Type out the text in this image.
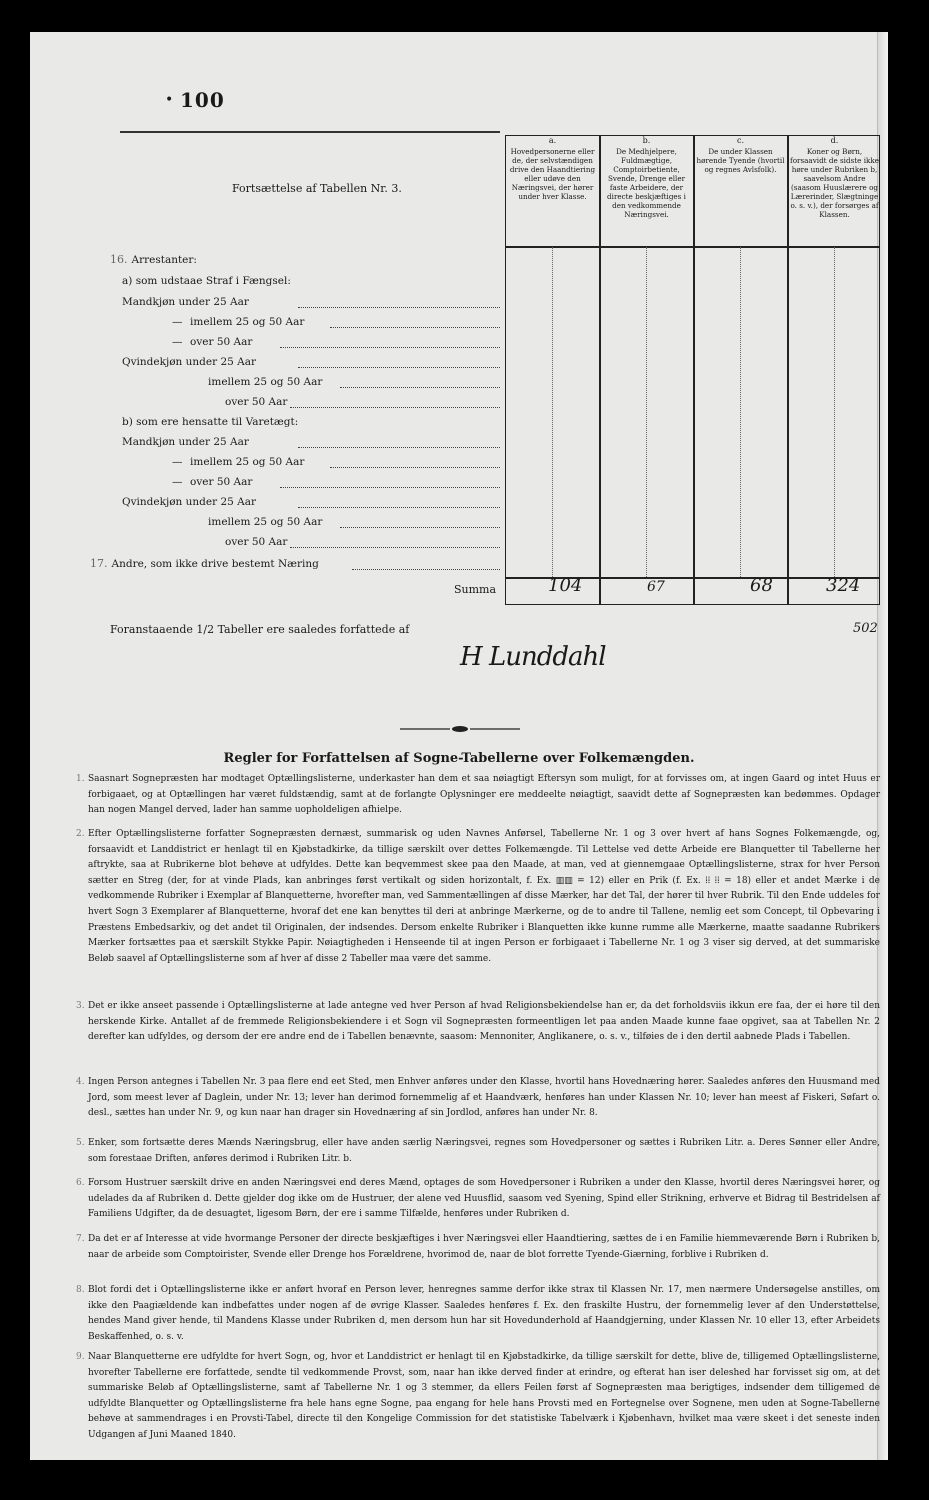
• 100
Fortsættelse af Tabellen Nr. 3.
a.
Hovedpersonerne eller de, der selvstændigen drive den Haandtiering eller udøve den Næringsvei, der hører under hver Klasse.
b.
De Medhjelpere, Fuldmægtige, Comptoirbetiente, Svende, Drenge eller faste Arbeidere, der directe beskjæftiges i den vedkommende Næringsvei.
c.
De under Klassen hørende Tyende (hvortil og regnes Avlsfolk).
d.
Koner og Børn, forsaavidt de sidste ikke høre under Rubriken b, saavelsom Andre (saasom Huuslærere og Lærerinder, Slægtninge o. s. v.), der forsørges af Klassen.
16. Arrestanter:
a) som udstaae Straf i Fængsel:
Mandkjøn under 25 Aar
— imellem 25 og 50 Aar
— over 50 Aar
Qvindekjøn under 25 Aar
imellem 25 og 50 Aar
over 50 Aar
b) som ere hensatte til Varetægt:
Mandkjøn under 25 Aar
— imellem 25 og 50 Aar
— over 50 Aar
Qvindekjøn under 25 Aar
imellem 25 og 50 Aar
over 50 Aar
17. Andre, som ikke drive bestemt Næring
Summa	104	67	68	324
Foranstaaende 1/2 Tabeller ere saaledes forfattede af	502
H Lunddahl
Regler for Forfattelsen af Sogne-Tabellerne over Folkemængden.
1. Saasnart Sognepræsten har modtaget Optællingslisterne, underkaster han dem et saa nøiagtigt Eftersyn som muligt, for at forvisses om, at ingen Gaard og intet Huus er forbigaaet, og at Optællingen har været fuldstændig, samt at de forlangte Oplysninger ere meddeelte nøiagtigt, saavidt dette af Sognepræsten kan bedømmes. Opdager han nogen Mangel derved, lader han samme uopholdeligen afhielpe.
2. Efter Optællingslisterne forfatter Sognepræsten dernæst, summarisk og uden Navnes Anførsel, Tabellerne Nr. 1 og 3 over hvert af hans Sognes Folkemængde, og, forsaavidt et Landdistrict er henlagt til en Kjøbstadkirke, da tillige særskilt over dettes Folkemængde. Til Lettelse ved dette Arbeide ere Blanquetter til Tabellerne her aftrykte, saa at Rubrikerne blot behøve at udfyldes. Dette kan beqvemmest skee paa den Maade, at man, ved at giennemgaae Optællingslisterne, strax for hver Person sætter en Streg (der, for at vinde Plads, kan anbringes først vertikalt og siden horizontalt, f. Ex. ▥▥ = 12) eller en Prik (f. Ex. ⁞⁞ ⁞⁞ = 18) eller et andet Mærke i de vedkommende Rubriker i Exemplar af Blanquetterne, hvorefter man, ved Sammentællingen af disse Mærker, har det Tal, der hører til hver Rubrik. Til den Ende uddeles for hvert Sogn 3 Exemplarer af Blanquetterne, hvoraf det ene kan benyttes til deri at anbringe Mærkerne, og de to andre til Tallene, nemlig eet som Concept, til Opbevaring i Præstens Embedsarkiv, og det andet til Originalen, der indsendes. Dersom enkelte Rubriker i Blanquetten ikke kunne rumme alle Mærkerne, maatte saadanne Rubrikers Mærker fortsættes paa et særskilt Stykke Papir. Nøiagtigheden i Henseende til at ingen Person er forbigaaet i Tabellerne Nr. 1 og 3 viser sig derved, at det summariske Beløb saavel af Optællingslisterne som af hver af disse 2 Tabeller maa være det samme.
3. Det er ikke anseet passende i Optællingslisterne at lade antegne ved hver Person af hvad Religionsbekiendelse han er, da det forholdsviis ikkun ere faa, der ei høre til den herskende Kirke. Antallet af de fremmede Religionsbekiendere i et Sogn vil Sognepræsten formeentligen let paa anden Maade kunne faae opgivet, saa at Tabellen Nr. 2 derefter kan udfyldes, og dersom der ere andre end de i Tabellen benævnte, saasom: Mennoniter, Anglikanere, o. s. v., tilføies de i den dertil aabnede Plads i Tabellen.
4. Ingen Person antegnes i Tabellen Nr. 3 paa flere end eet Sted, men Enhver anføres under den Klasse, hvortil hans Hovednæring hører. Saaledes anføres den Huusmand med Jord, som meest lever af Daglein, under Nr. 13; lever han derimod fornemmelig af et Haandværk, henføres han under Klassen Nr. 10; lever han meest af Fiskeri, Søfart o. desl., sættes han under Nr. 9, og kun naar han drager sin Hovednæring af sin Jordlod, anføres han under Nr. 8.
5. Enker, som fortsætte deres Mænds Næringsbrug, eller have anden særlig Næringsvei, regnes som Hovedpersoner og sættes i Rubriken Litr. a. Deres Sønner eller Andre, som forestaae Driften, anføres derimod i Rubriken Litr. b.
6. Forsom Hustruer særskilt drive en anden Næringsvei end deres Mænd, optages de som Hovedpersoner i Rubriken a under den Klasse, hvortil deres Næringsvei hører, og udelades da af Rubriken d. Dette gjelder dog ikke om de Hustruer, der alene ved Huusflid, saasom ved Syening, Spind eller Strikning, erhverve et Bidrag til Bestridelsen af Familiens Udgifter, da de desuagtet, ligesom Børn, der ere i samme Tilfælde, henføres under Rubriken d.
7. Da det er af Interesse at vide hvormange Personer der directe beskjæftiges i hver Næringsvei eller Haandtiering, sættes de i en Familie hiemmeværende Børn i Rubriken b, naar de arbeide som Comptoirister, Svende eller Drenge hos Forældrene, hvorimod de, naar de blot forrette Tyende-Giærning, forblive i Rubriken d.
8. Blot fordi det i Optællingslisterne ikke er anført hvoraf en Person lever, henregnes samme derfor ikke strax til Klassen Nr. 17, men nærmere Undersøgelse anstilles, om ikke den Paagiældende kan indbefattes under nogen af de øvrige Klasser. Saaledes henføres f. Ex. den fraskilte Hustru, der fornemmelig lever af den Understøttelse, hendes Mand giver hende, til Mandens Klasse under Rubriken d, men dersom hun har sit Hovedunderhold af Haandgjerning, under Klassen Nr. 10 eller 13, efter Arbeidets Beskaffenhed, o. s. v.
9. Naar Blanquetterne ere udfyldte for hvert Sogn, og, hvor et Landdistrict er henlagt til en Kjøbstadkirke, da tillige særskilt for dette, blive de, tilligemed Optællingslisterne, hvorefter Tabellerne ere forfattede, sendte til vedkommende Provst, som, naar han ikke derved finder at erindre, og efterat han iser deleshed har forvisset sig om, at det summariske Beløb af Optællingslisterne, samt af Tabellerne Nr. 1 og 3 stemmer, da ellers Feilen først af Sognepræsten maa berigtiges, indsender dem tilligemed de udfyldte Blanquetter og Optællingslisterne fra hele hans egne Sogne, paa engang for hele hans Provsti med en Fortegnelse over Sognene, men uden at Sogne-Tabellerne behøve at sammendrages i en Provsti-Tabel, directe til den Kongelige Commission for det statistiske Tabelværk i Kjøbenhavn, hvilket maa være skeet i det seneste inden Udgangen af Juni Maaned 1840.
